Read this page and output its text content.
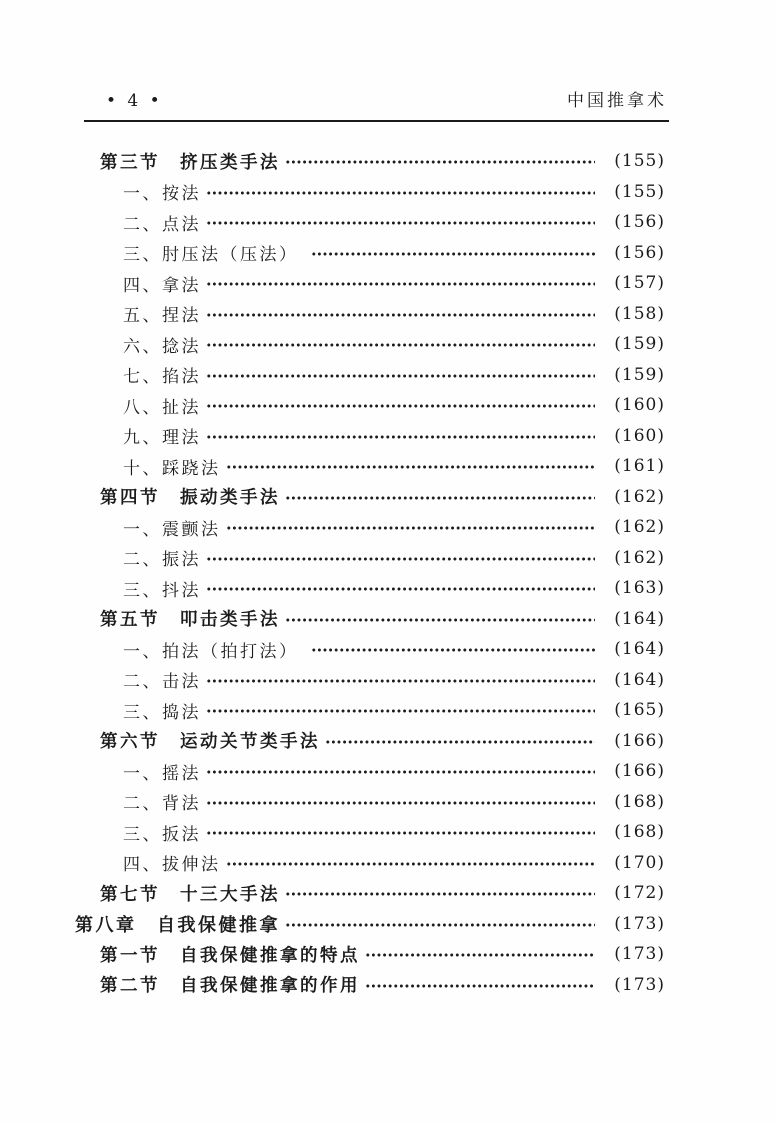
• 4 •	中国推拿术
第三节　挤压类手法	(155)
一、按法	(155)
二、点法	(156)
三、肘压法（压法）	(156)
四、拿法	(157)
五、捏法	(158)
六、捻法	(159)
七、掐法	(159)
八、扯法	(160)
九、理法	(160)
十、踩跷法	(161)
第四节　振动类手法	(162)
一、震颤法	(162)
二、振法	(162)
三、抖法	(163)
第五节　叩击类手法	(164)
一、拍法（拍打法）	(164)
二、击法	(164)
三、捣法	(165)
第六节　运动关节类手法	(166)
一、摇法	(166)
二、背法	(168)
三、扳法	(168)
四、拔伸法	(170)
第七节　十三大手法	(172)
第八章　自我保健推拿	(173)
第一节　自我保健推拿的特点	(173)
第二节　自我保健推拿的作用	(173)
